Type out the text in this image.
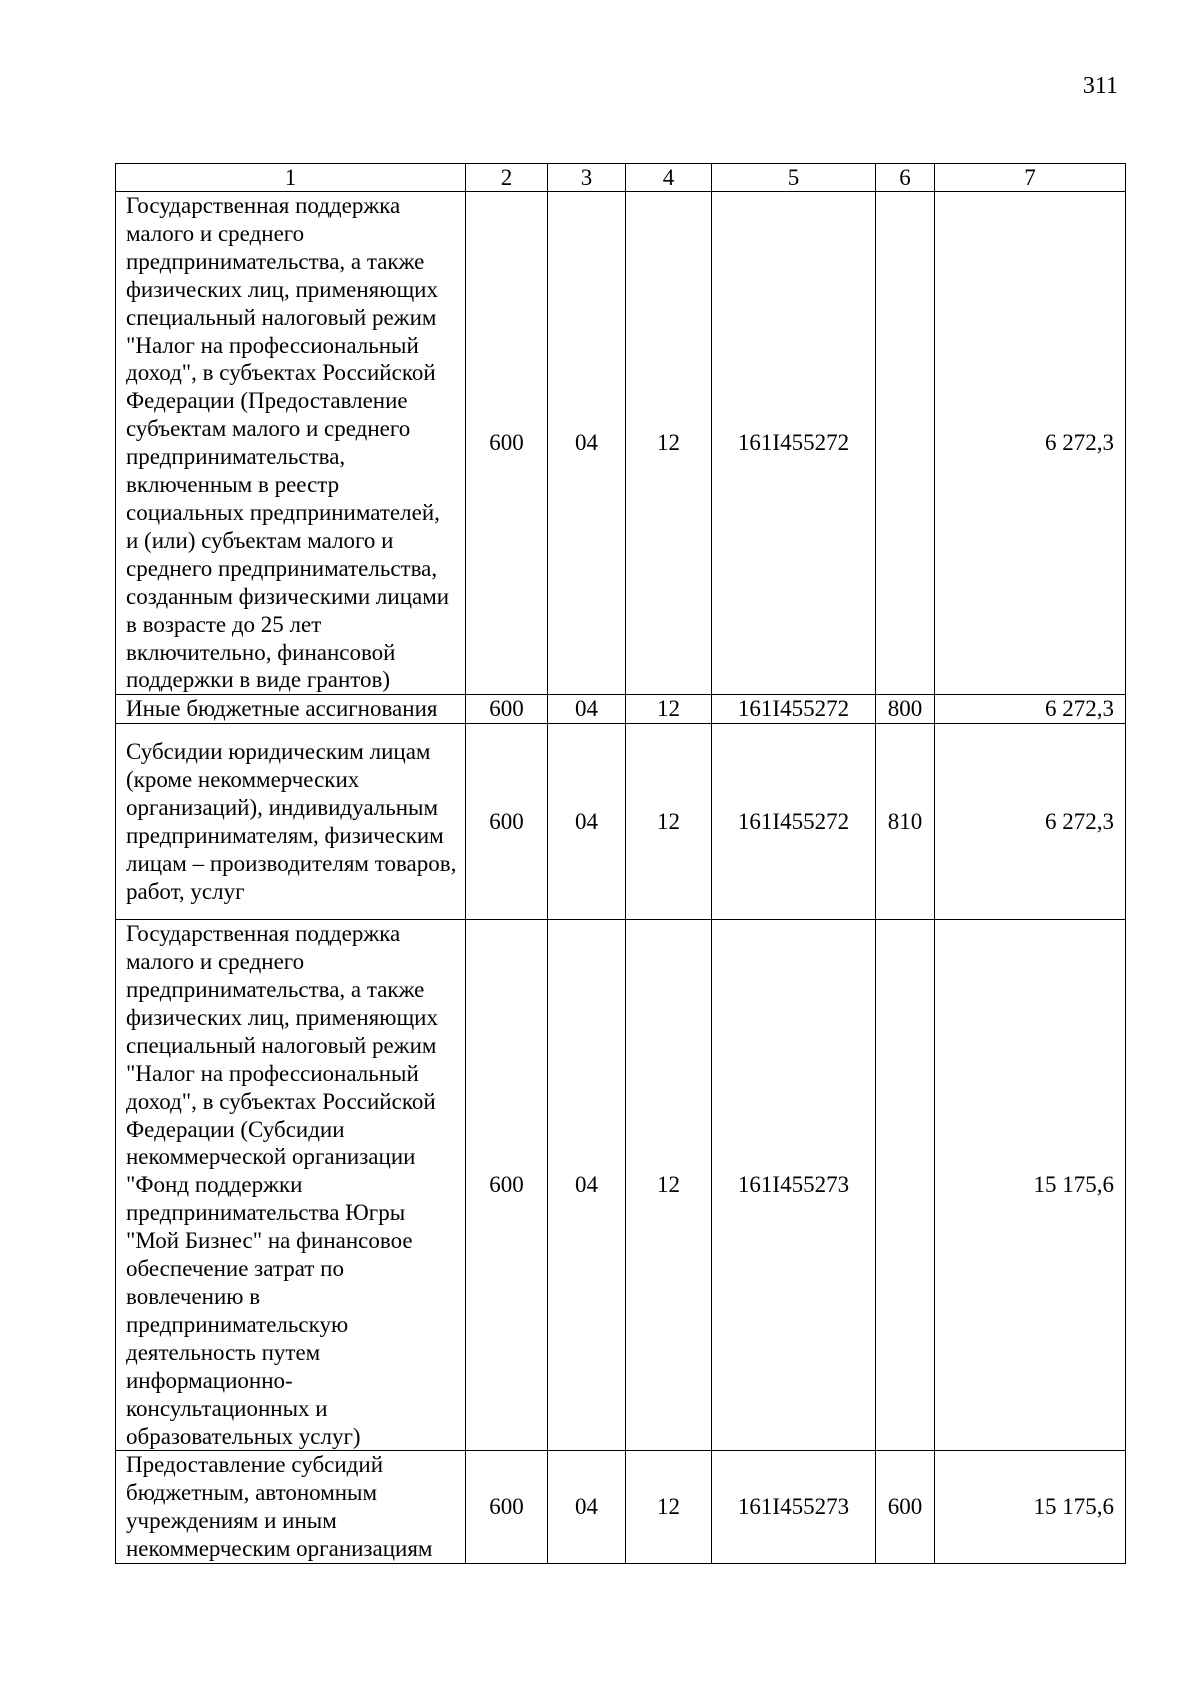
311
1	2	3	4	5	6	7
Государственная поддержка малого и среднего предпринимательства, а также физических лиц, применяющих специальный налоговый режим "Налог на профессиональный доход", в субъектах Российской Федерации (Предоставление субъектам малого и среднего предпринимательства, включенным в реестр социальных предпринимателей, и (или) субъектам малого и среднего предпринимательства, созданным физическими лицами в возрасте до 25 лет включительно, финансовой поддержки в виде грантов)	600	04	12	161I455272		6 272,3
Иные бюджетные ассигнования	600	04	12	161I455272	800	6 272,3
Субсидии юридическим лицам (кроме некоммерческих организаций), индивидуальным предпринимателям, физическим лицам – производителям товаров, работ, услуг	600	04	12	161I455272	810	6 272,3
Государственная поддержка малого и среднего предпринимательства, а также физических лиц, применяющих специальный налоговый режим "Налог на профессиональный доход", в субъектах Российской Федерации (Субсидии некоммерческой организации "Фонд поддержки предпринимательства Югры "Мой Бизнес" на финансовое обеспечение затрат по вовлечению в предпринимательскую деятельность путем информационно-консультационных и образовательных услуг)	600	04	12	161I455273		15 175,6
Предоставление субсидий бюджетным, автономным учреждениям и иным некоммерческим организациям	600	04	12	161I455273	600	15 175,6
